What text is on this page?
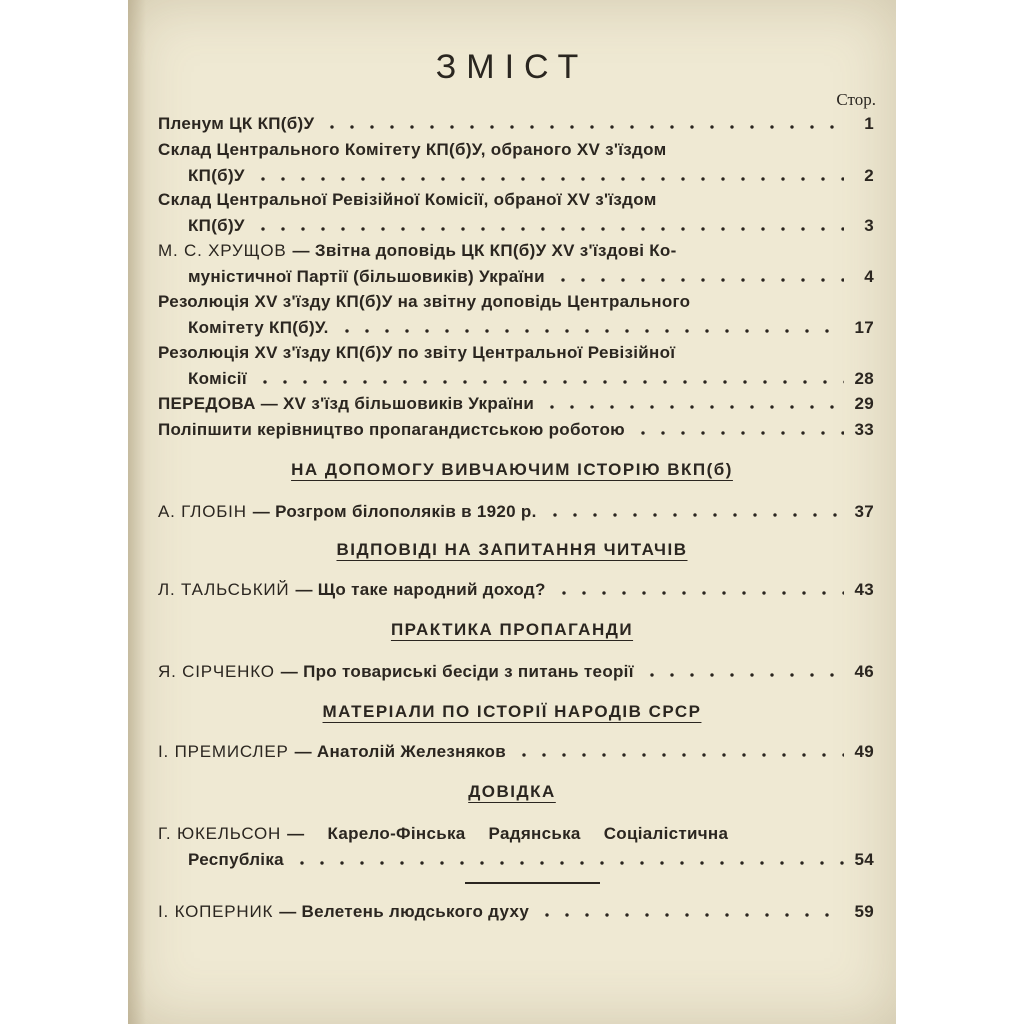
ЗМІСТ
Стор.
Пленум ЦК КП(б)У	1
Склад Центрального Комітету КП(б)У, обраного XV з'їздом
КП(б)У	2
Склад Центральної Ревізійної Комісії, обраної XV з'їздом
КП(б)У	3
М. С. ХРУЩОВ — Звітна доповідь ЦК КП(б)У XV з'їздові Ко-
муністичної Партії (більшовиків) України	4
Резолюція XV з'їзду КП(б)У на звітну доповідь Центрального
Комітету КП(б)У.	17
Резолюція XV з'їзду КП(б)У по звіту Центральної Ревізійної
Комісії	28
ПЕРЕДОВА — XV з'їзд більшовиків України	29
Поліпшити керівництво пропагандистською роботою	33
НА ДОПОМОГУ ВИВЧАЮЧИМ ІСТОРІЮ ВКП(б)
А. ГЛОБІН — Розгром білополяків в 1920 р.	37
ВІДПОВІДІ НА ЗАПИТАННЯ ЧИТАЧІВ
Л. ТАЛЬСЬКИЙ — Що таке народний доход?	43
ПРАКТИКА ПРОПАГАНДИ
Я. СІРЧЕНКО — Про товариські бесіди з питань теорії	46
МАТЕРІАЛИ ПО ІСТОРІЇ НАРОДІВ СРСР
І. ПРЕМИСЛЕР — Анатолій Железняков	49
ДОВІДКА
Г. ЮКЕЛЬСОН — Карело-Фінська Радянська Соціалістична
Республіка	54
І. КОПЕРНИК — Велетень людського духу	59
